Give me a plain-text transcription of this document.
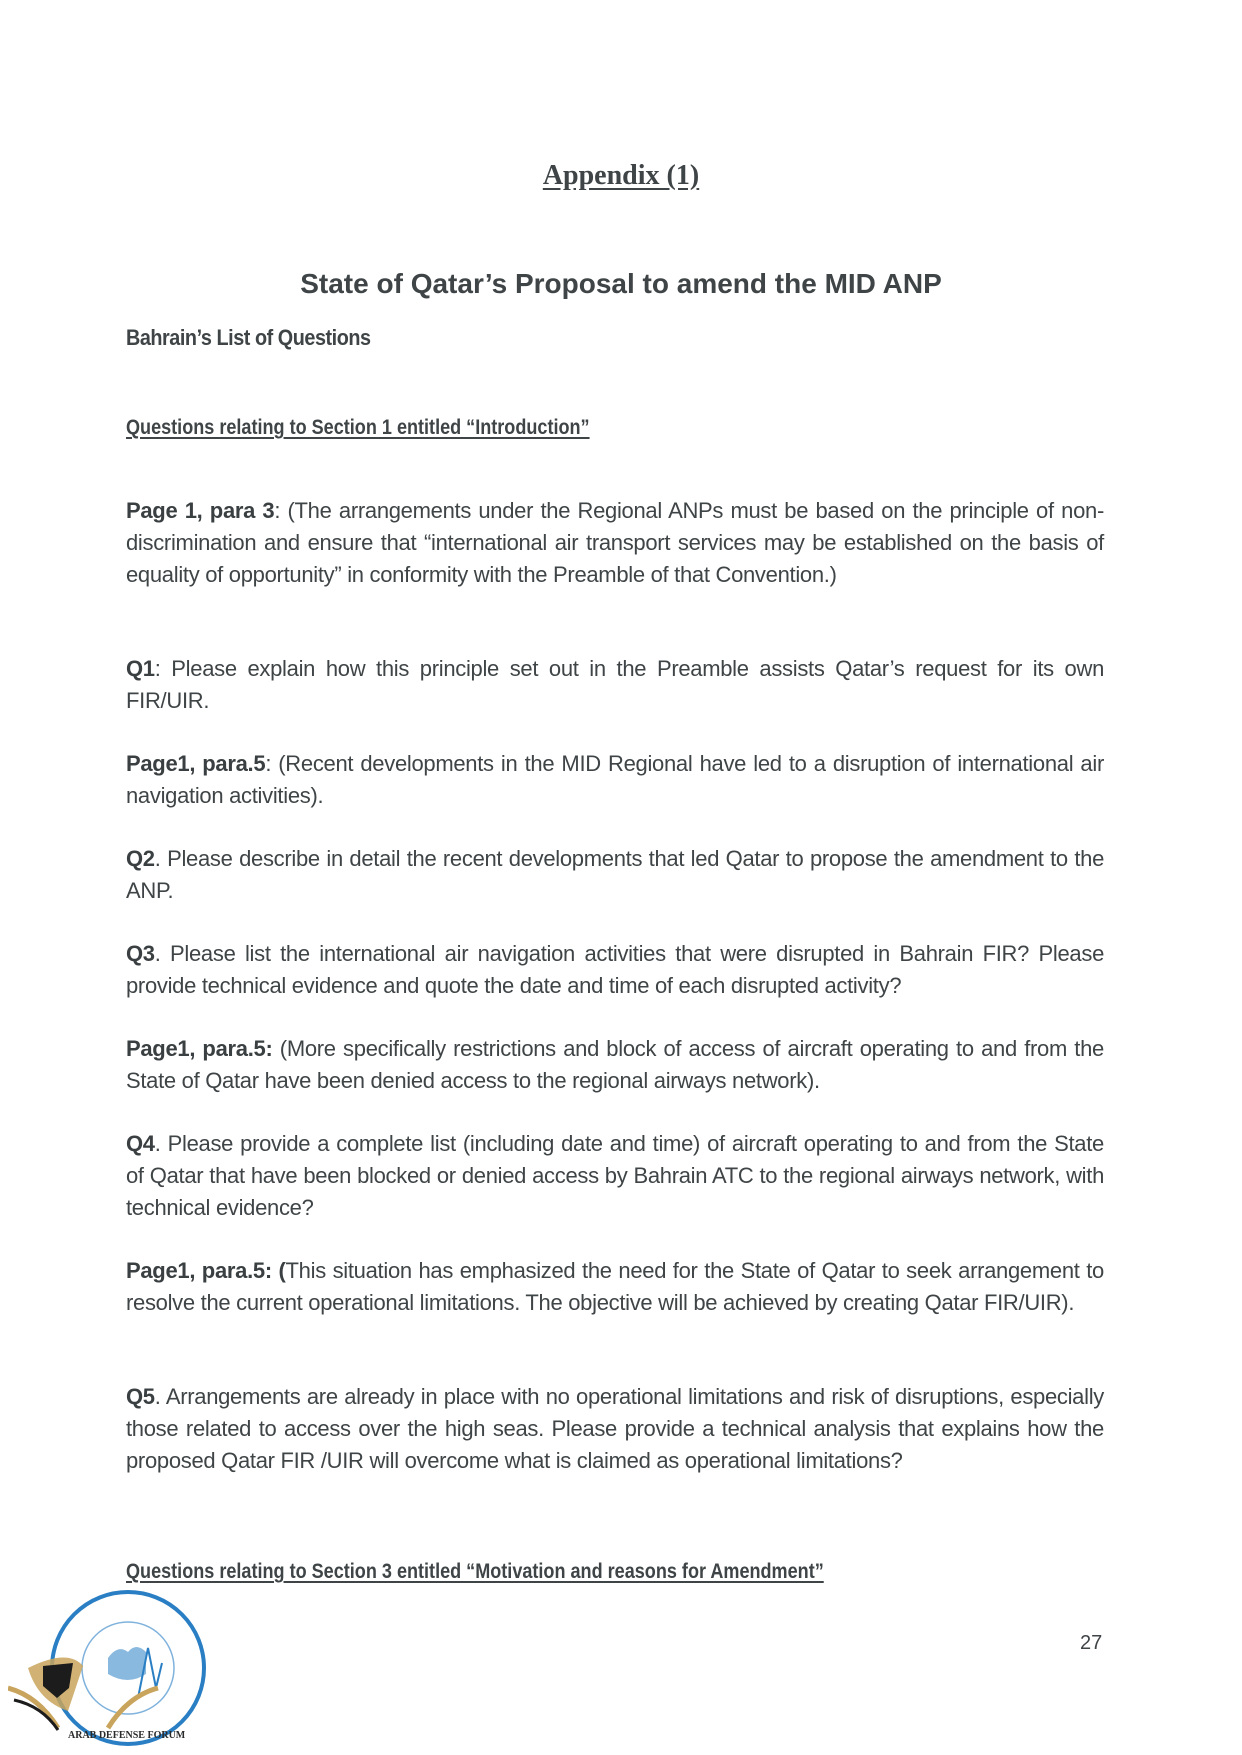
Appendix (1)
State of Qatar’s Proposal to amend the MID ANP
Bahrain’s List of Questions
Questions relating to Section 1 entitled “Introduction”
Page 1, para 3: (The arrangements under the Regional ANPs must be based on the principle of non-discrimination and ensure that “international air transport services may be established on the basis of equality of opportunity” in conformity with the Preamble of that Convention.)
Q1: Please explain how this principle set out in the Preamble assists Qatar’s request for its own FIR/UIR.
Page1, para.5: (Recent developments in the MID Regional have led to a disruption of international air navigation activities).
Q2. Please describe in detail the recent developments that led Qatar to propose the amendment to the ANP.
Q3. Please list the international air navigation activities that were disrupted in Bahrain FIR? Please provide technical evidence and quote the date and time of each disrupted activity?
Page1, para.5: (More specifically restrictions and block of access of aircraft operating to and from the State of Qatar have been denied access to the regional airways network).
Q4. Please provide a complete list (including date and time) of aircraft operating to and from the State of Qatar that have been blocked or denied access by Bahrain ATC to the regional airways network, with technical evidence?
Page1, para.5: (This situation has emphasized the need for the State of Qatar to seek arrangement to resolve the current operational limitations. The objective will be achieved by creating Qatar FIR/UIR).
Q5. Arrangements are already in place with no operational limitations and risk of disruptions, especially those related to access over the high seas. Please provide a technical analysis that explains how the proposed Qatar FIR /UIR will overcome what is claimed as operational limitations?
Questions relating to Section 3 entitled “Motivation and reasons for Amendment”
27
ARAB DEFENSE FORUM
